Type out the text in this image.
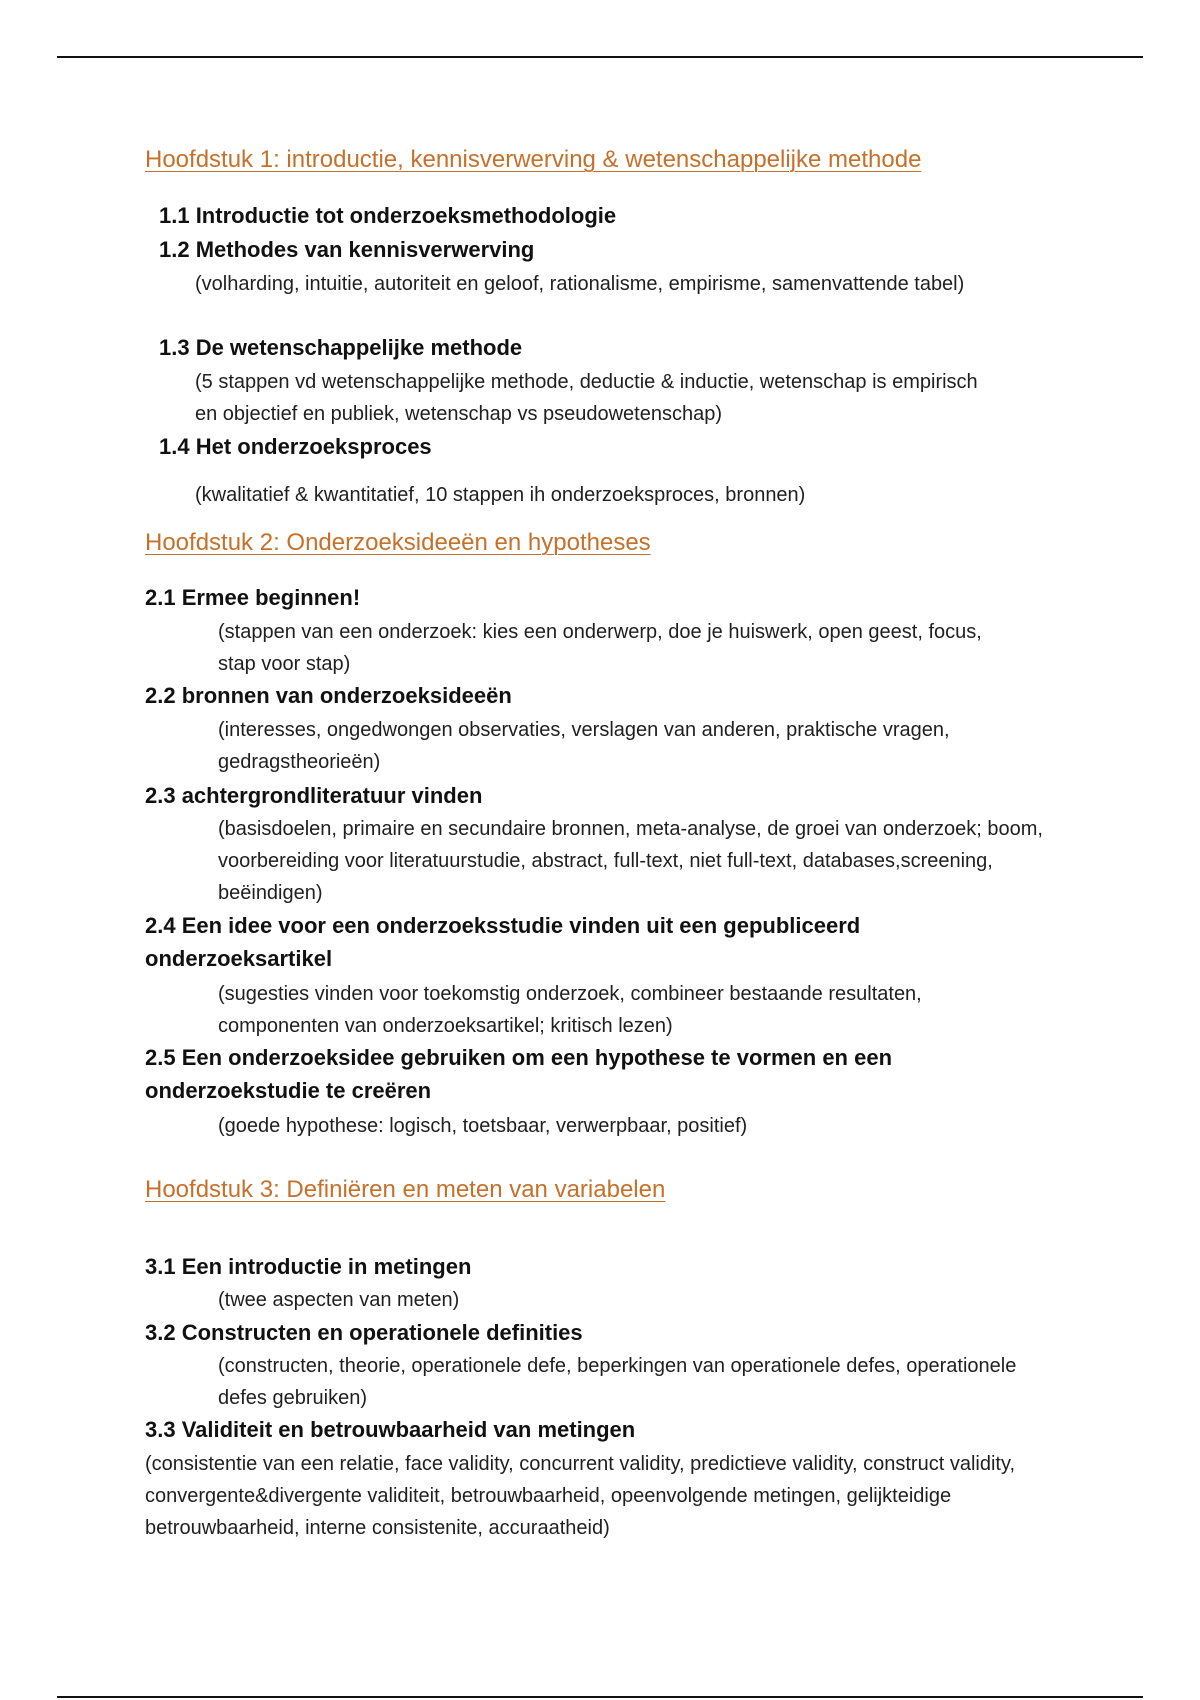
Hoofdstuk 1: introductie, kennisverwerving & wetenschappelijke methode
1.1 Introductie tot onderzoeksmethodologie
1.2 Methodes van kennisverwerving
(volharding, intuitie, autoriteit en geloof, rationalisme, empirisme, samenvattende tabel)
1.3 De wetenschappelijke methode
(5 stappen vd wetenschappelijke methode, deductie & inductie, wetenschap is empirisch en objectief en publiek, wetenschap vs pseudowetenschap)
1.4 Het onderzoeksproces
(kwalitatief & kwantitatief, 10 stappen ih onderzoeksproces, bronnen)
Hoofdstuk 2: Onderzoeksideeën en hypotheses
2.1 Ermee beginnen!
(stappen van een onderzoek: kies een onderwerp, doe je huiswerk, open geest, focus, stap voor stap)
2.2 bronnen van onderzoeksideeën
(interesses, ongedwongen observaties, verslagen van anderen, praktische vragen, gedragstheorieën)
2.3 achtergrondliteratuur vinden
(basisdoelen, primaire en secundaire bronnen, meta-analyse, de groei van onderzoek; boom, voorbereiding voor literatuurstudie, abstract, full-text, niet full-text, databases,screening, beëindigen)
2.4 Een idee voor een onderzoeksstudie vinden uit een gepubliceerd onderzoeksartikel
(sugesties vinden voor toekomstig onderzoek, combineer bestaande resultaten, componenten van onderzoeksartikel; kritisch lezen)
2.5 Een onderzoeksidee gebruiken om een hypothese te vormen en een onderzoekstudie te creëren
(goede hypothese: logisch, toetsbaar, verwerpbaar, positief)
Hoofdstuk 3: Definiëren en meten van variabelen
3.1 Een introductie in metingen
(twee aspecten van meten)
3.2 Constructen en operationele definities
(constructen, theorie, operationele defe, beperkingen van operationele defes, operationele defes gebruiken)
3.3 Validiteit en betrouwbaarheid van metingen
(consistentie van een relatie, face validity, concurrent validity, predictieve validity, construct validity, convergente&divergente validiteit, betrouwbaarheid, opeenvolgende metingen, gelijkteidige betrouwbaarheid, interne consistenite, accuraatheid)
